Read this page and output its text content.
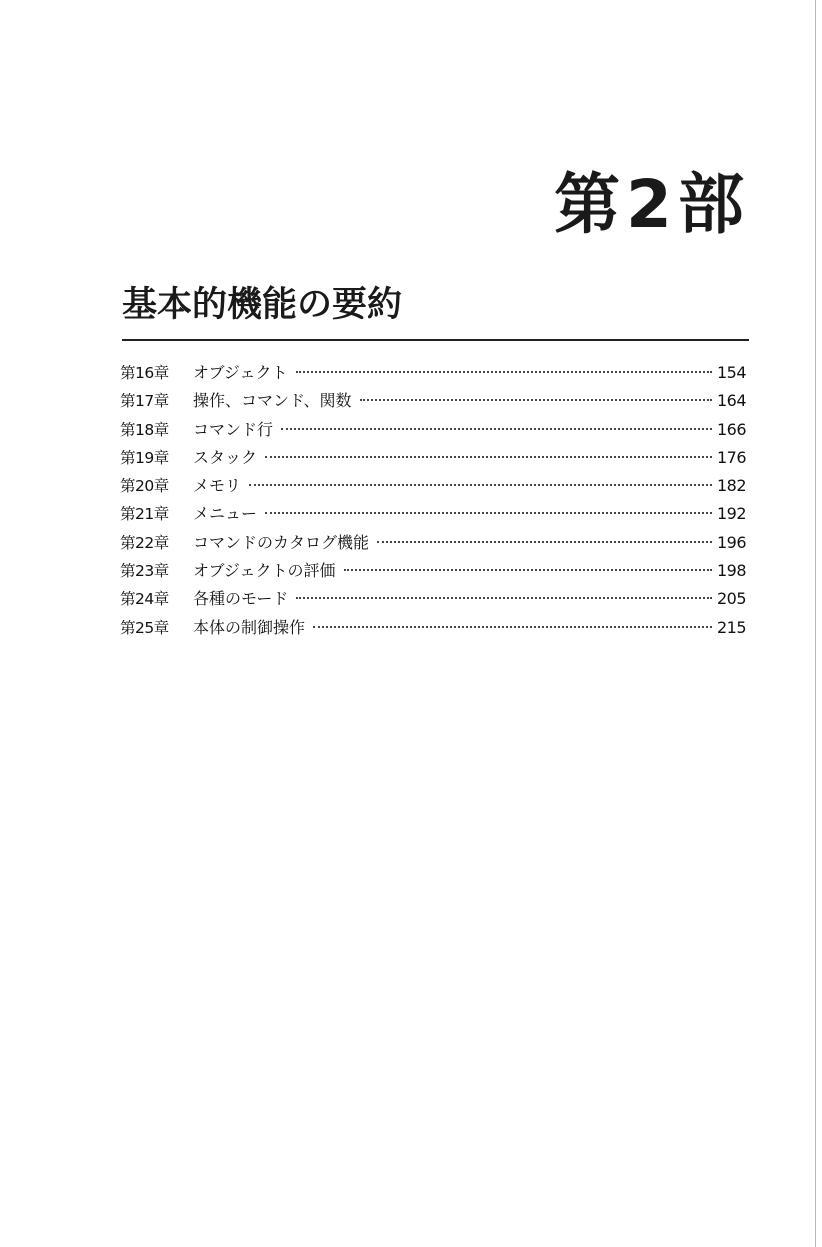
第2部
基本的機能の要約
第16章	オブジェクト	154
第17章	操作、コマンド、関数	164
第18章	コマンド行	166
第19章	スタック	176
第20章	メモリ	182
第21章	メニュー	192
第22章	コマンドのカタログ機能	196
第23章	オブジェクトの評価	198
第24章	各種のモード	205
第25章	本体の制御操作	215
